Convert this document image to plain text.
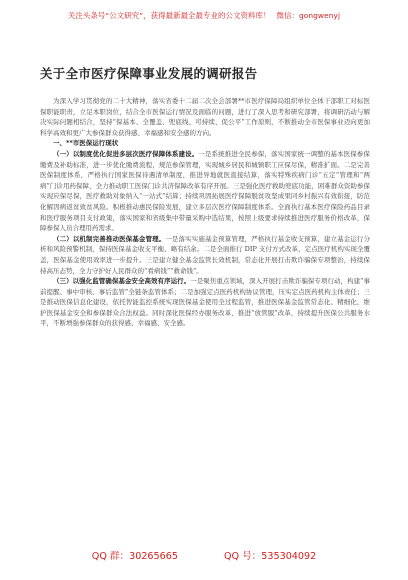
关注头条号“公文研究”，获得最新最全最专业的公文资料库！ 微信：gongwenyj
关于全市医疗保障事业发展的调研报告

为深入学习贯彻党的二十大精神，落实省委十二届二次全会部署**市医疗保障局组织单位全体干部职工对标医保职能职责，立足本职岗位，结合全市医保运行情况及面临的问题，进行了深入思考和研究部署，将调研活动与解决实际问题相结合，坚持“保基本、全覆盖、兜底线、可持续、促公平”工作原则，不断推动全市医保事业迈向更加科学高效和更广大参保群众获得感、幸福感和安全感的方向。

一、**市医保运行现状

（一）以制度优化促进多层次医疗保障体系建设。一是系统推进全民参保，落实国家统一调整的基本医保参保缴费及补助标准，进一步优化缴费流程，规范参保管理，实现城乡居民和城镇职工应保尽保，精准扩面。二是完善医保制度体系，严格执行国家医保待遇清单制度，推进异地就医直接结算，落实特殊疾病门诊“五定”管理和“两病”门诊用药保障，全力推动职工医保门诊共济保障改革有序开展。三是强化医疗救助兜底功能，困难群众资助参保实现应保尽保，医疗救助对象纳入“一站式”结算；持续巩固拓展医疗保障脱贫攻坚成果同乡村振兴有效衔接，防范化解因病返贫致贫风险。积极推动惠民保险发展，建立多层次医疗保障制度体系。全面执行基本医疗保险药品目录和医疗服务项目支付政策，落实国家和省级集中带量采购中选结果，按照上级要求持续推进医疗服务价格改革，保障参保人员合理用药需求。

（二）以机制完善推动医保基金管理。一是落实实施基金预算管理，严格执行基金收支预算，建立基金运行分析和风险预警机制，保持医保基金收支平衡、略有结余。二是全面推行 DIP 支付方式改革，定点医疗机构实现全覆盖，医保基金使用效率进一步提升。三是建立健全基金监管长效机制，常态化开展打击欺诈骗保专项整治，持续保持高压态势，全力守护好人民群众的“看病钱”“救命钱”。

（三）以强化监管确保基金安全高效有序运行。一是聚焦重点领域，深入开展打击欺诈骗保专项行动，构建“事前提醒、事中审核、事后监管”全链条监管体系；二是加强定点医药机构协议管理，压实定点医药机构主体责任；三是推动医保信息化建设，依托智能监控系统实现医保基金使用全过程监管，推进医保基金监管常态化、精细化，维护医保基金安全和参保群众合法权益。同时深化医保经办服务改革，推进“放管服”改革，持续提升医保公共服务水平，不断增强参保群众的获得感、幸福感、安全感。

QQ 群：30265665	QQ 号：535304092
